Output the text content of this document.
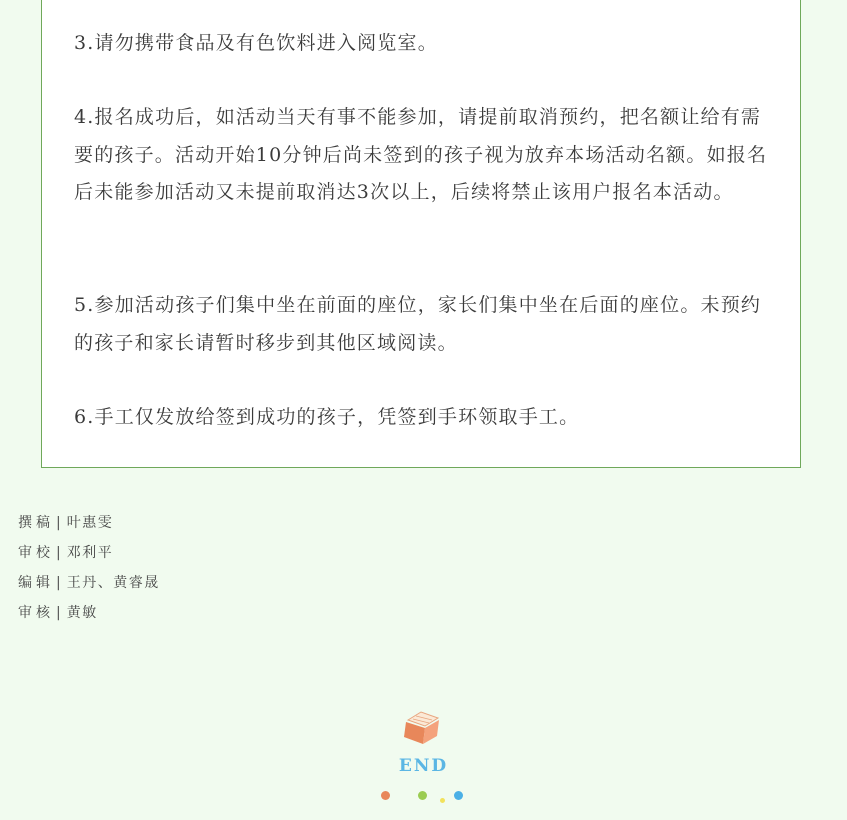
3.请勿携带食品及有色饮料进入阅览室。

4.报名成功后，如活动当天有事不能参加，请提前取消预约，把名额让给有需要的孩子。活动开始10分钟后尚未签到的孩子视为放弃本场活动名额。如报名后未能参加活动又未提前取消达3次以上，后续将禁止该用户报名本活动。

5.参加活动孩子们集中坐在前面的座位，家长们集中坐在后面的座位。未预约的孩子和家长请暂时移步到其他区域阅读。

6.手工仅发放给签到成功的孩子，凭签到手环领取手工。

撰稿 | 叶惠雯
审校 | 邓利平
编辑 | 王丹、黄睿晟
审核 | 黄敏
END
